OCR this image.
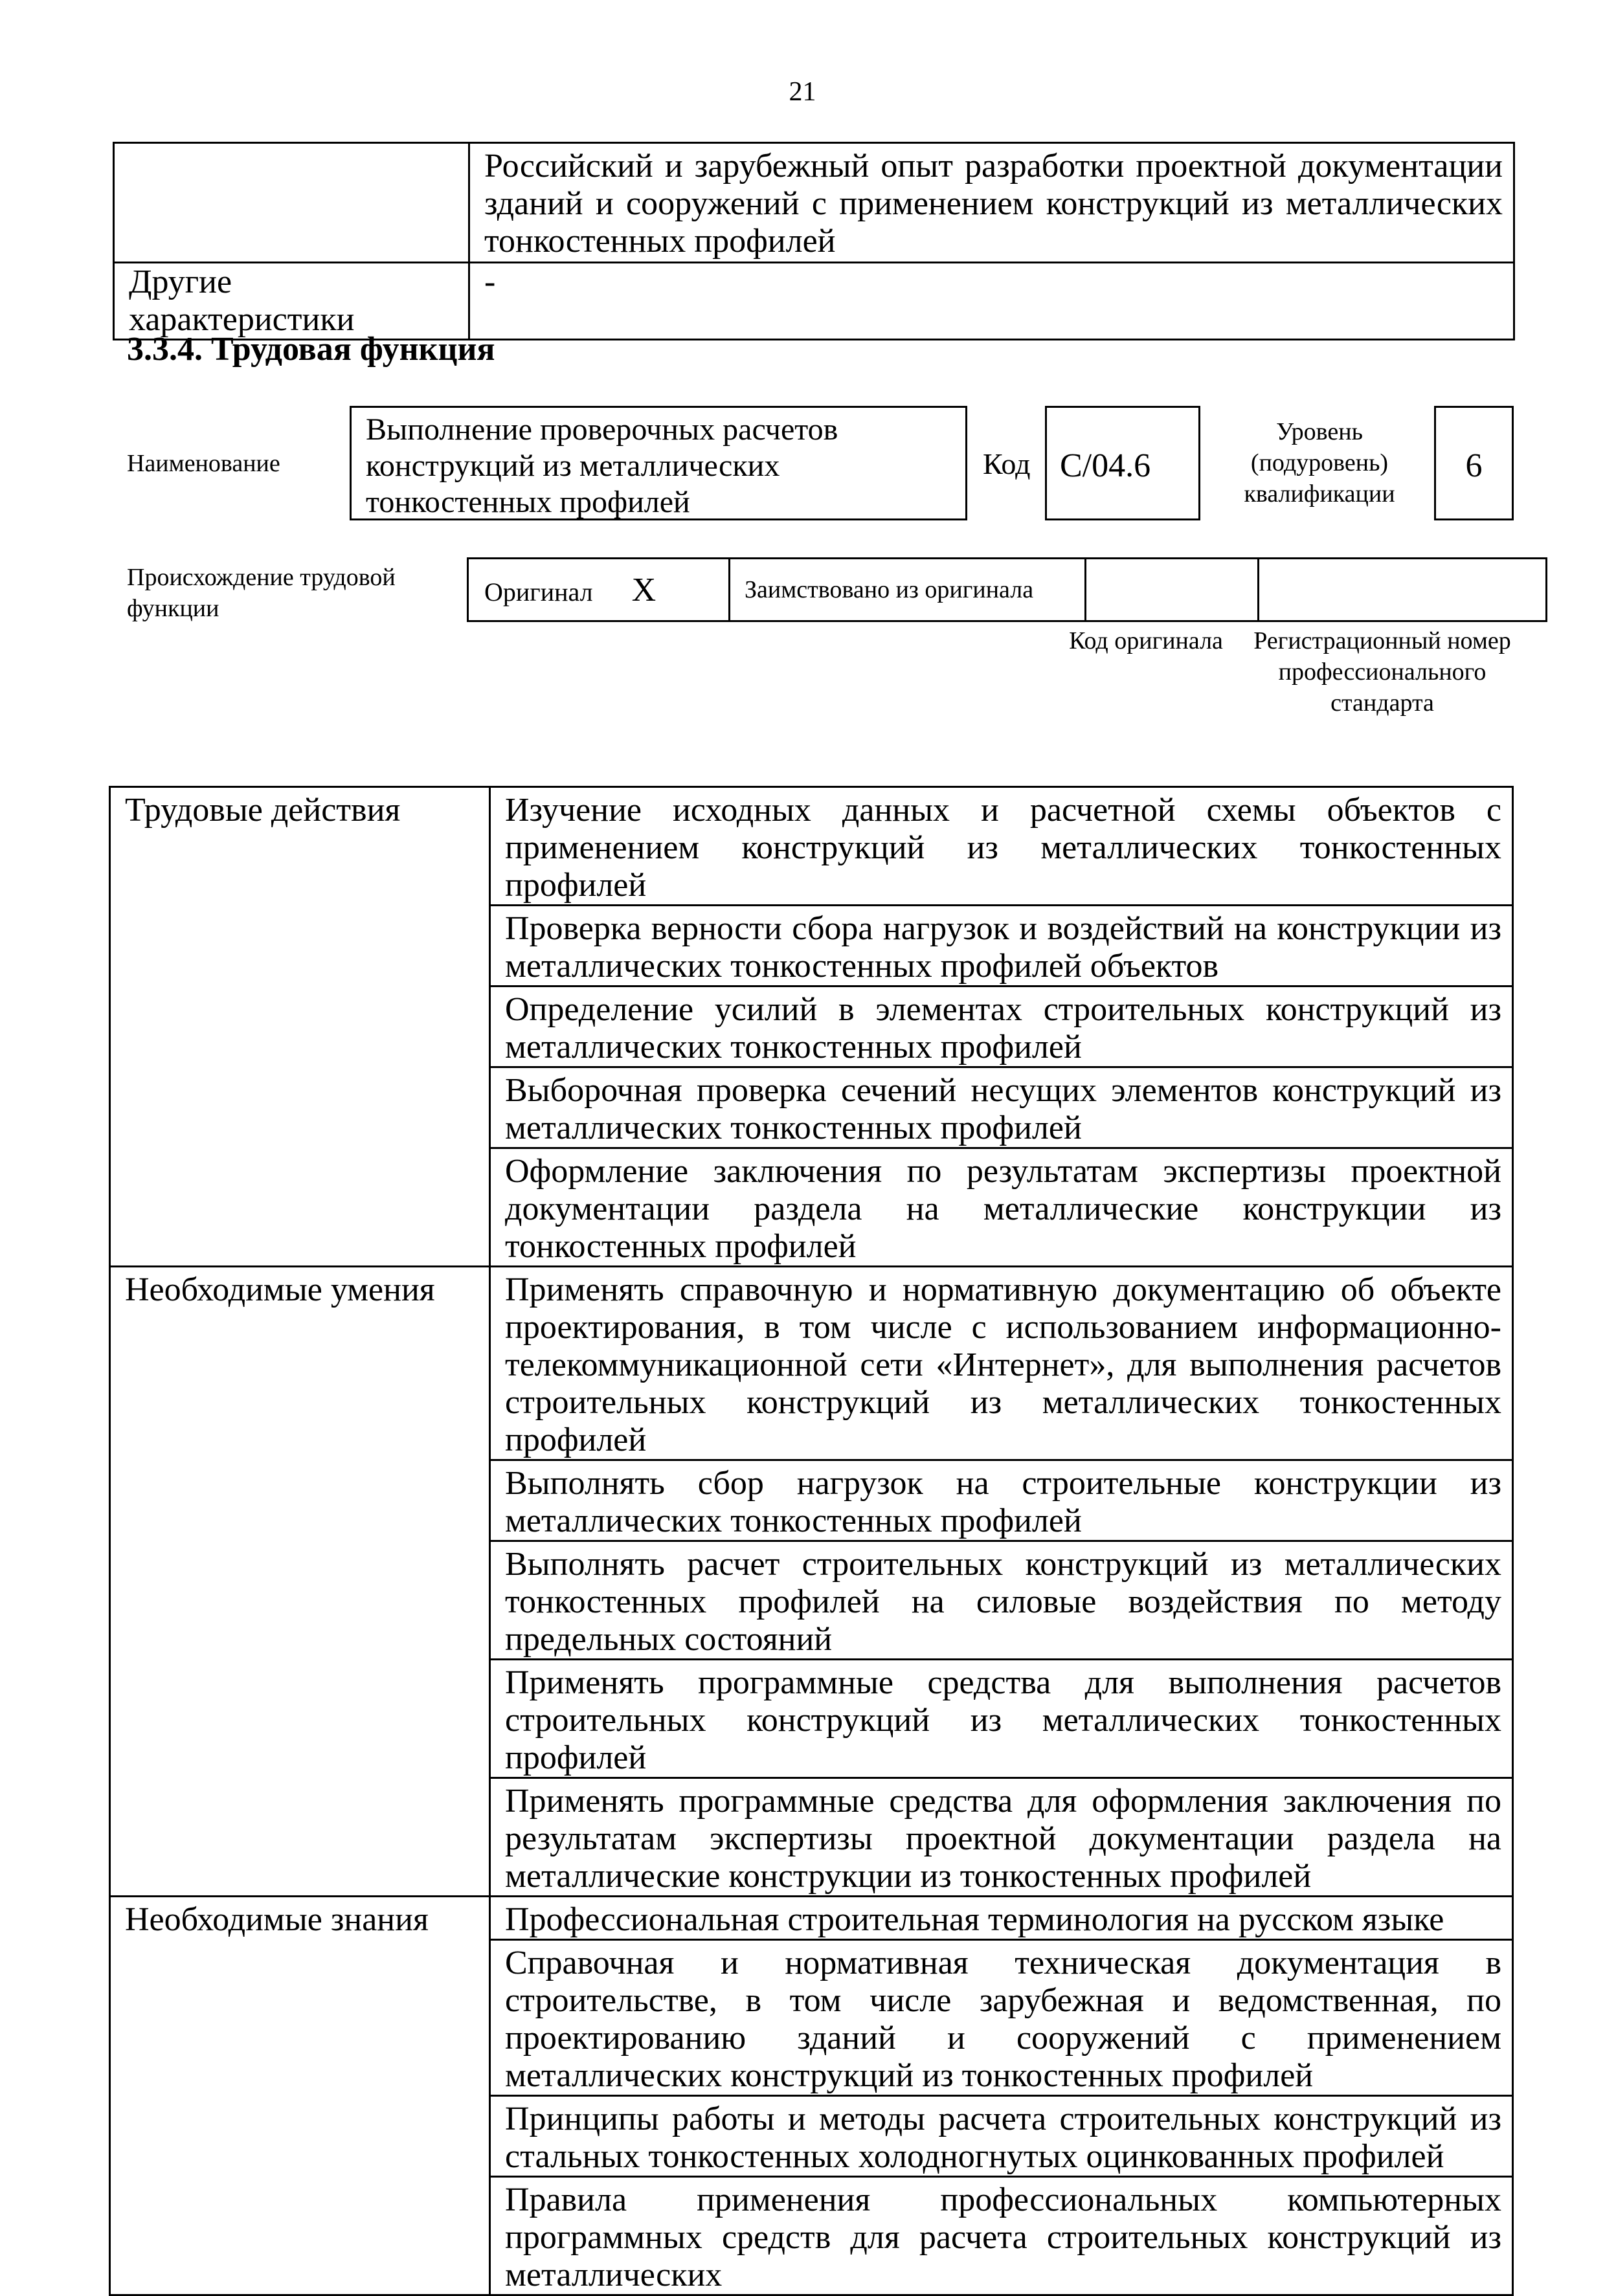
21
	Российский и зарубежный опыт разработки проектной документации зданий и сооружений с применением конструкций из металлических тонкостенных профилей
Другие характеристики	-
3.3.4. Трудовая функция
Наименование
Выполнение проверочных расчетов конструкций из металлических тонкостенных профилей
Код C/04.6
Уровень (подуровень) квалификации
6
Происхождение трудовой функции
Оригинал X	Заимствовано из оригинала		
Код оригинала Регистрационный номер профессионального стандарта
Трудовые действия	Изучение исходных данных и расчетной схемы объектов с применением конструкций из металлических тонкостенных профилей
	Проверка верности сбора нагрузок и воздействий на конструкции из металлических тонкостенных профилей объектов
	Определение усилий в элементах строительных конструкций из металлических тонкостенных профилей
	Выборочная проверка сечений несущих элементов конструкций из металлических тонкостенных профилей
	Оформление заключения по результатам экспертизы проектной документации раздела на металлические конструкции из тонкостенных профилей
Необходимые умения	Применять справочную и нормативную документацию об объекте проектирования, в том числе с использованием информационно-телекоммуникационной сети «Интернет», для выполнения расчетов строительных конструкций из металлических тонкостенных профилей
	Выполнять сбор нагрузок на строительные конструкции из металлических тонкостенных профилей
	Выполнять расчет строительных конструкций из металлических тонкостенных профилей на силовые воздействия по методу предельных состояний
	Применять программные средства для выполнения расчетов строительных конструкций из металлических тонкостенных профилей
	Применять программные средства для оформления заключения по результатам экспертизы проектной документации раздела на металлические конструкции из тонкостенных профилей
Необходимые знания	Профессиональная строительная терминология на русском языке
	Справочная и нормативная техническая документация в строительстве, в том числе зарубежная и ведомственная, по проектированию зданий и сооружений с применением металлических конструкций из тонкостенных профилей
	Принципы работы и методы расчета строительных конструкций из стальных тонкостенных холодногнутых оцинкованных профилей
	Правила применения профессиональных компьютерных программных средств для расчета строительных конструкций из металлических
